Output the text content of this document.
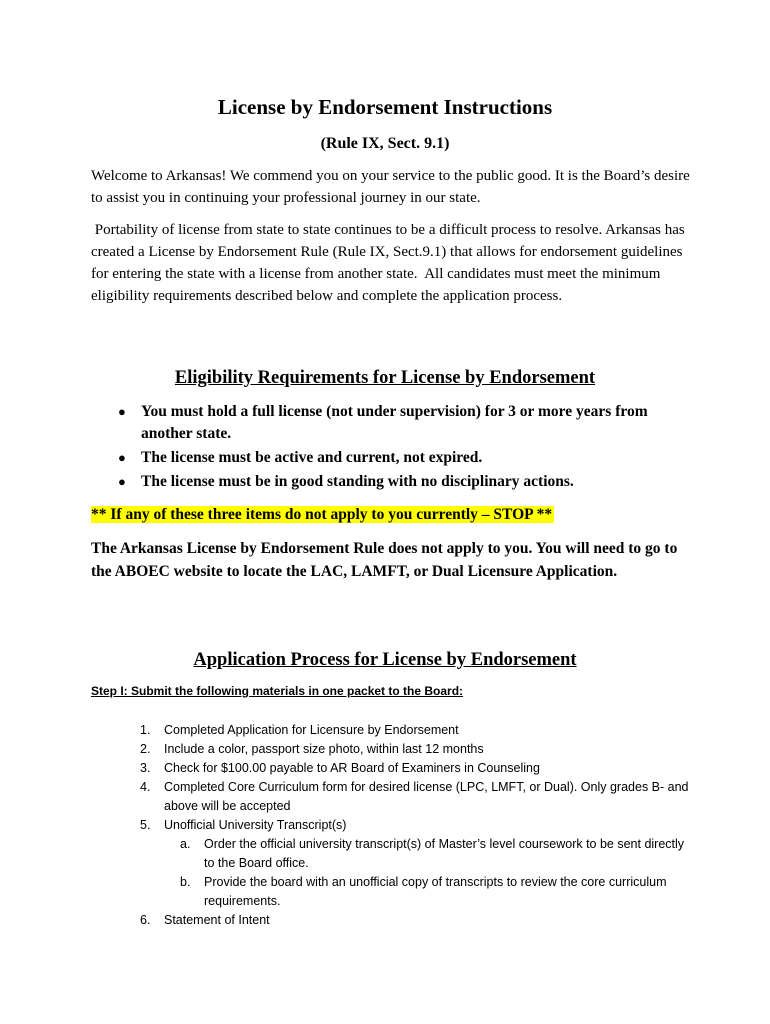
License by Endorsement Instructions
(Rule IX, Sect. 9.1)

Welcome to Arkansas! We commend you on your service to the public good. It is the Board’s desire to assist you in continuing your professional journey in our state.

Portability of license from state to state continues to be a difficult process to resolve. Arkansas has created a License by Endorsement Rule (Rule IX, Sect.9.1) that allows for endorsement guidelines for entering the state with a license from another state.  All candidates must meet the minimum eligibility requirements described below and complete the application process.

Eligibility Requirements for License by Endorsement
● You must hold a full license (not under supervision) for 3 or more years from another state.
● The license must be active and current, not expired.
● The license must be in good standing with no disciplinary actions.
** If any of these three items do not apply to you currently – STOP **

The Arkansas License by Endorsement Rule does not apply to you. You will need to go to the ABOEC website to locate the LAC, LAMFT, or Dual Licensure Application.

Application Process for License by Endorsement
Step I: Submit the following materials in one packet to the Board:
1. Completed Application for Licensure by Endorsement
2. Include a color, passport size photo, within last 12 months
3. Check for $100.00 payable to AR Board of Examiners in Counseling
4. Completed Core Curriculum form for desired license (LPC, LMFT, or Dual). Only grades B- and above will be accepted
5. Unofficial University Transcript(s)
a. Order the official university transcript(s) of Master’s level coursework to be sent directly to the Board office.
b. Provide the board with an unofficial copy of transcripts to review the core curriculum requirements.
6. Statement of Intent
